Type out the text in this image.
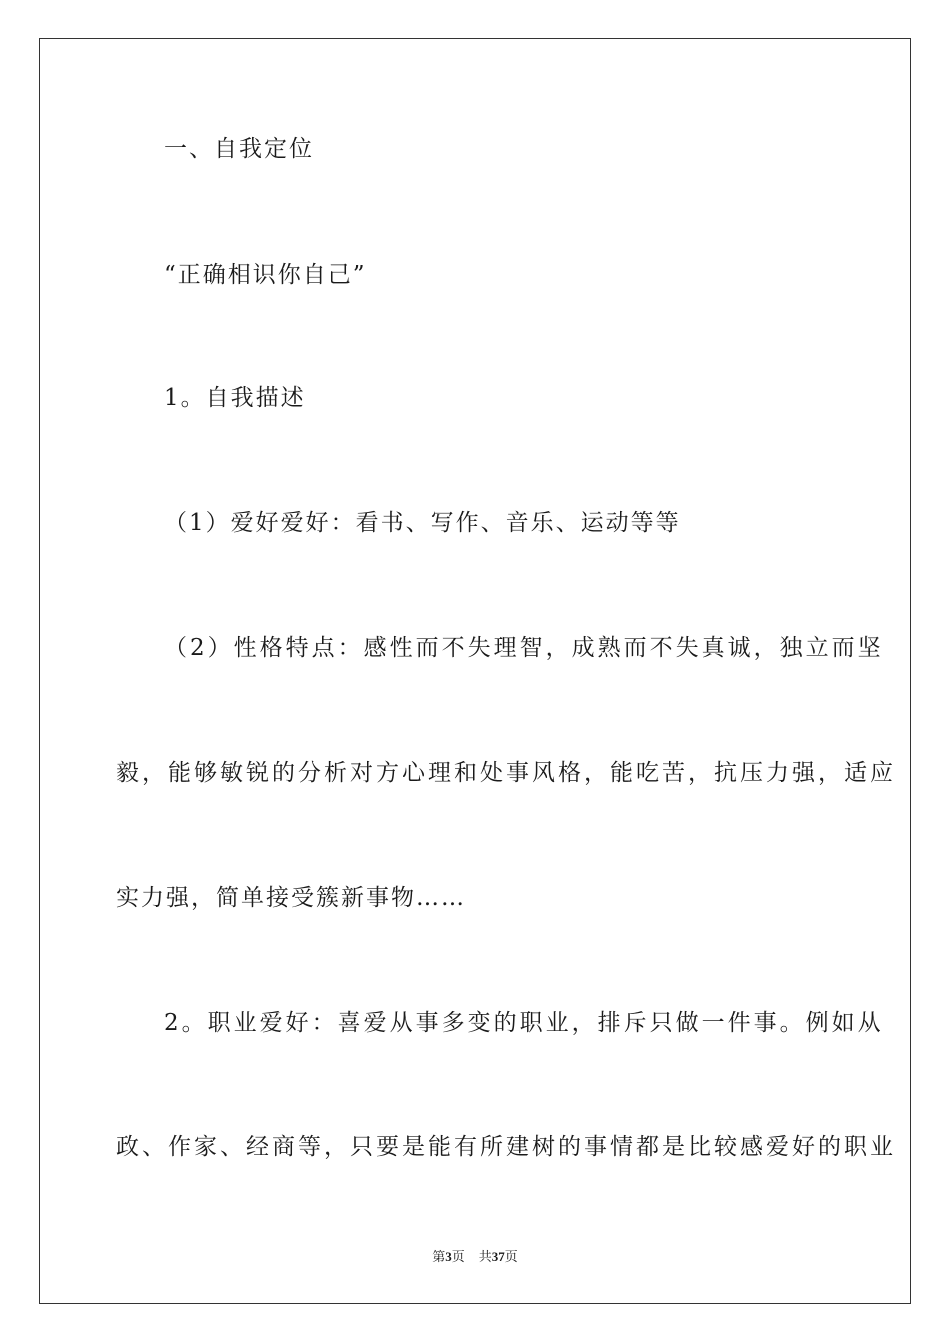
一、自我定位
“正确相识你自己”
1。自我描述
（1）爱好爱好：看书、写作、音乐、运动等等
（2）性格特点：感性而不失理智，成熟而不失真诚，独立而坚
毅，能够敏锐的分析对方心理和处事风格，能吃苦，抗压力强，适应
实力强，简单接受簇新事物……
2。职业爱好：喜爱从事多变的职业，排斥只做一件事。例如从
政、作家、经商等，只要是能有所建树的事情都是比较感爱好的职业
第3页 共37页
